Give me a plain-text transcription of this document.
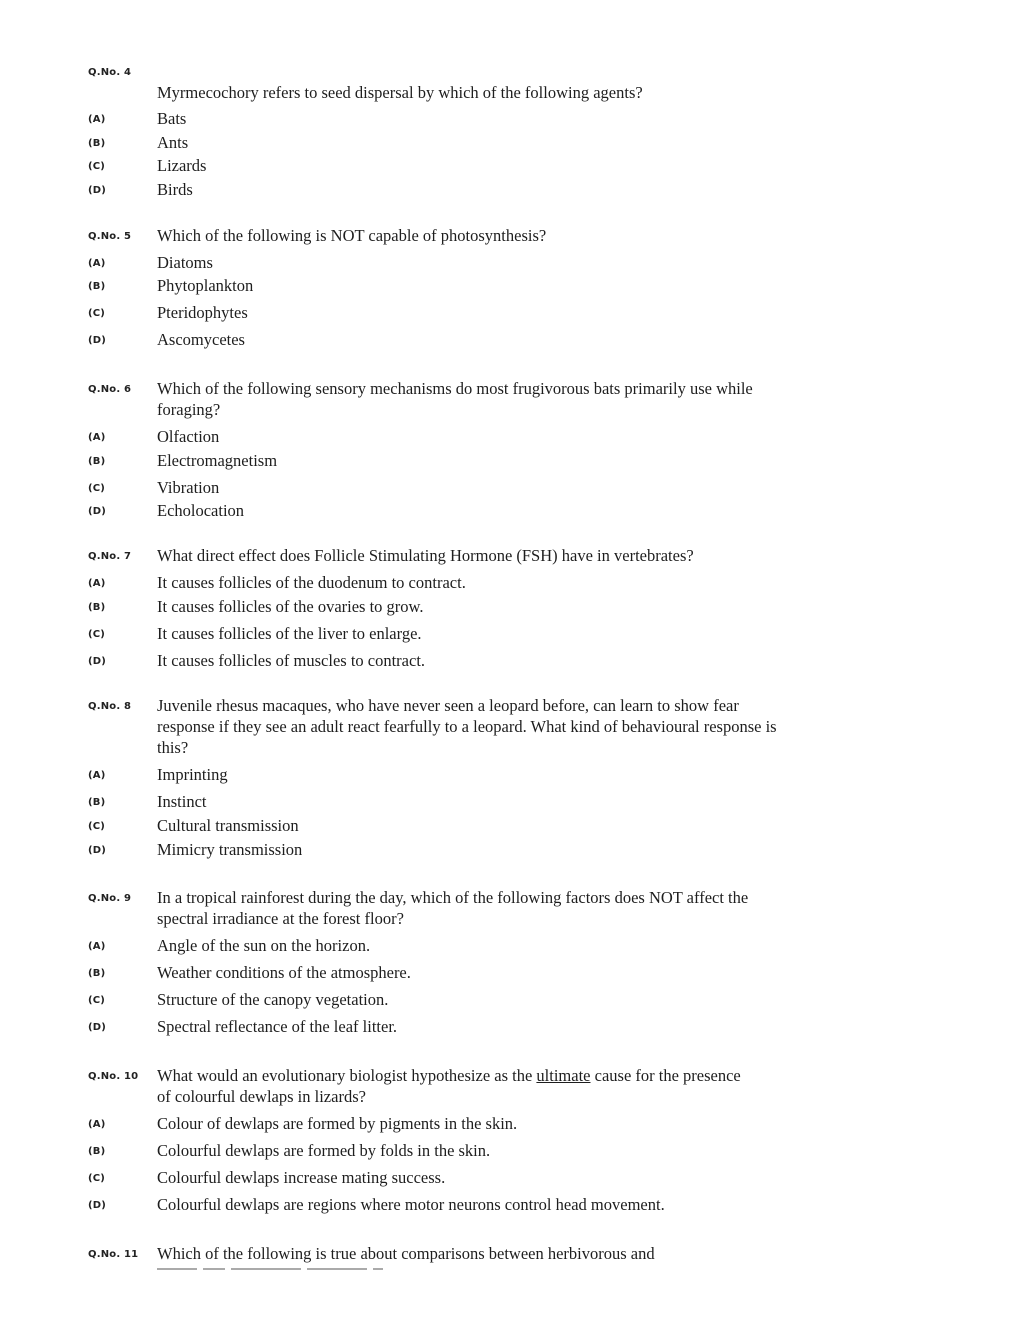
Q.No. 4
Myrmecochory refers to seed dispersal by which of the following agents?
(A)	Bats
(B)	Ants
(C)	Lizards
(D)	Birds
Q.No. 5 Which of the following is NOT capable of photosynthesis?
(A)	Diatoms
(B)	Phytoplankton
(C)	Pteridophytes
(D)	Ascomycetes
Q.No. 6 Which of the following sensory mechanisms do most frugivorous bats primarily use while foraging?
(A)	Olfaction
(B)	Electromagnetism
(C)	Vibration
(D)	Echolocation
Q.No. 7 What direct effect does Follicle Stimulating Hormone (FSH) have in vertebrates?
(A)	It causes follicles of the duodenum to contract.
(B)	It causes follicles of the ovaries to grow.
(C)	It causes follicles of the liver to enlarge.
(D)	It causes follicles of muscles to contract.
Q.No. 8 Juvenile rhesus macaques, who have never seen a leopard before, can learn to show fear response if they see an adult react fearfully to a leopard. What kind of behavioural response is this?
(A)	Imprinting
(B)	Instinct
(C)	Cultural transmission
(D)	Mimicry transmission
Q.No. 9 In a tropical rainforest during the day, which of the following factors does NOT affect the spectral irradiance at the forest floor?
(A)	Angle of the sun on the horizon.
(B)	Weather conditions of the atmosphere.
(C)	Structure of the canopy vegetation.
(D)	Spectral reflectance of the leaf litter.
Q.No. 10 What would an evolutionary biologist hypothesize as the ultimate cause for the presence of colourful dewlaps in lizards?
(A)	Colour of dewlaps are formed by pigments in the skin.
(B)	Colourful dewlaps are formed by folds in the skin.
(C)	Colourful dewlaps increase mating success.
(D)	Colourful dewlaps are regions where motor neurons control head movement.
Q.No. 11 Which of the following is true about comparisons between herbivorous and
